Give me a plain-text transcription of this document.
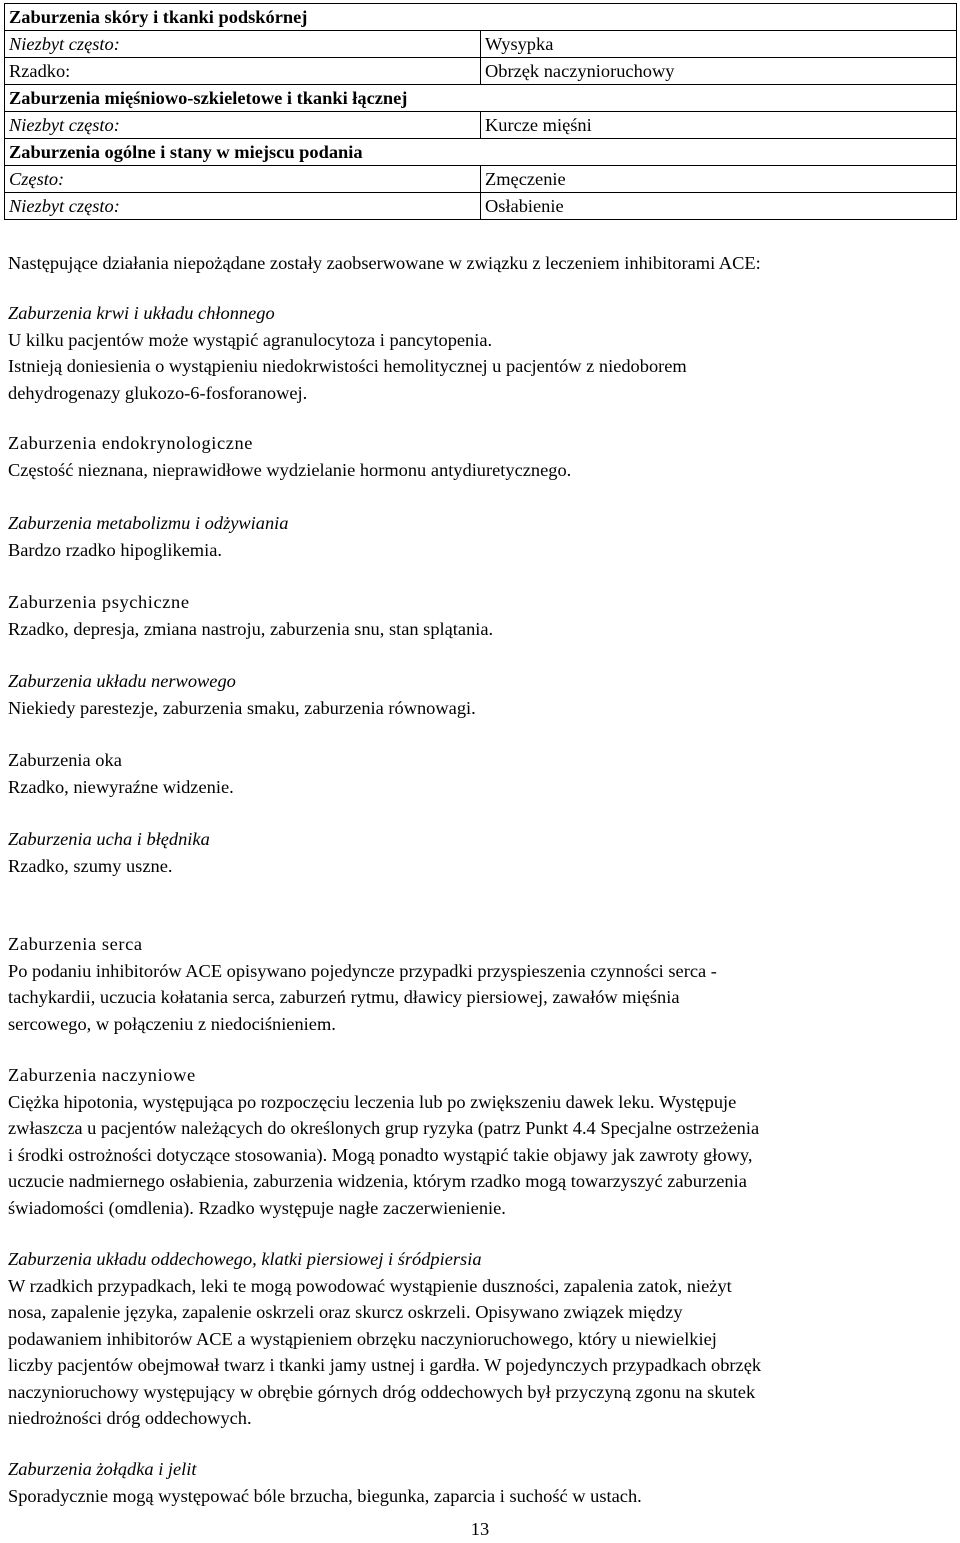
Zaburzenia skóry i tkanki podskórnej	
Niezbyt często:	Wysypka
Rzadko:	Obrzęk naczynioruchowy
Zaburzenia mięśniowo-szkieletowe i tkanki łącznej	
Niezbyt często:	Kurcze mięśni
Zaburzenia ogólne i stany w miejscu podania	
Często:	Zmęczenie
Niezbyt często:	Osłabienie
Następujące działania niepożądane zostały zaobserwowane w związku z leczeniem inhibitorami ACE:
Zaburzenia krwi i układu chłonnego
U kilku pacjentów może wystąpić agranulocytoza i pancytopenia.
Istnieją doniesienia o wystąpieniu niedokrwistości hemolitycznej u pacjentów z niedoborem
dehydrogenazy glukozo-6-fosforanowej.
Zaburzenia endokrynologiczne
Częstość nieznana, nieprawidłowe wydzielanie hormonu antydiuretycznego.
Zaburzenia metabolizmu i odżywiania
Bardzo rzadko hipoglikemia.
Zaburzenia psychiczne
Rzadko, depresja, zmiana nastroju, zaburzenia snu, stan splątania.
Zaburzenia układu nerwowego
Niekiedy parestezje, zaburzenia smaku, zaburzenia równowagi.
Zaburzenia oka
Rzadko, niewyraźne widzenie.
Zaburzenia ucha i błędnika
Rzadko, szumy uszne.
Zaburzenia serca
Po podaniu inhibitorów ACE opisywano pojedyncze przypadki przyspieszenia czynności serca -
tachykardii, uczucia kołatania serca, zaburzeń rytmu, dławicy piersiowej, zawałów mięśnia
sercowego, w połączeniu z niedociśnieniem.
Zaburzenia naczyniowe
Ciężka hipotonia, występująca po rozpoczęciu leczenia lub po zwiększeniu dawek leku. Występuje
zwłaszcza u pacjentów należących do określonych grup ryzyka (patrz Punkt 4.4 Specjalne ostrzeżenia
i środki ostrożności dotyczące stosowania). Mogą ponadto wystąpić takie objawy jak zawroty głowy,
uczucie nadmiernego osłabienia, zaburzenia widzenia, którym rzadko mogą towarzyszyć zaburzenia
świadomości (omdlenia). Rzadko występuje nagłe zaczerwienienie.
Zaburzenia układu oddechowego, klatki piersiowej i śródpiersia
W rzadkich przypadkach, leki te mogą powodować wystąpienie duszności, zapalenia zatok, nieżyt
nosa, zapalenie języka, zapalenie oskrzeli oraz skurcz oskrzeli. Opisywano związek między
podawaniem inhibitorów ACE a wystąpieniem obrzęku naczynioruchowego, który u niewielkiej
liczby pacjentów obejmował twarz i tkanki jamy ustnej i gardła. W pojedynczych przypadkach obrzęk
naczynioruchowy występujący w obrębie górnych dróg oddechowych był przyczyną zgonu na skutek
niedrożności dróg oddechowych.
Zaburzenia żołądka i jelit
Sporadycznie mogą występować bóle brzucha, biegunka, zaparcia i suchość w ustach.
13
